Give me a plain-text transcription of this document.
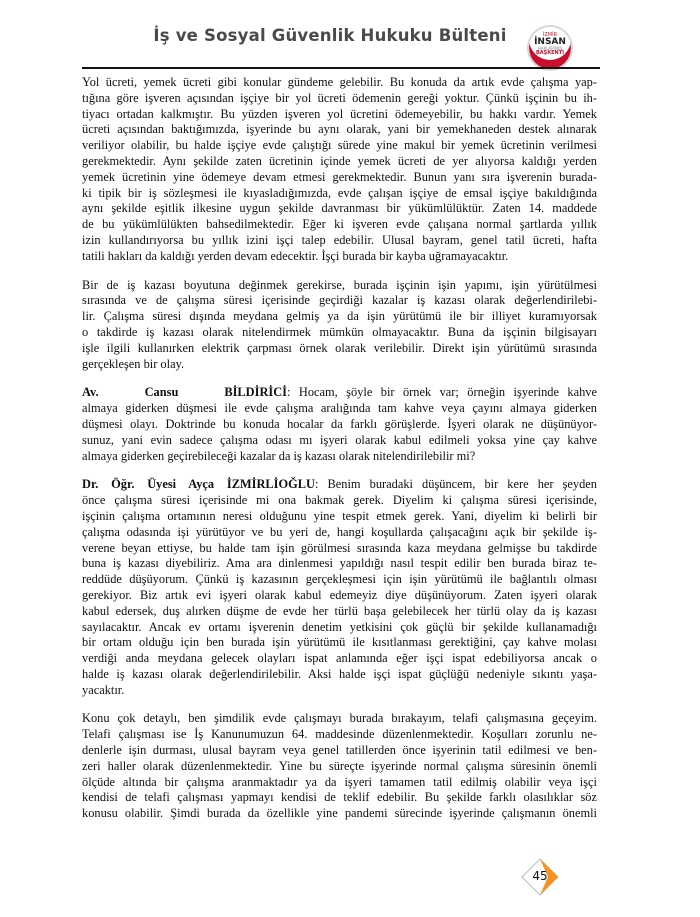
İş ve Sosyal Güvenlik Hukuku Bülteni	İZMİR
İNSAN
HAKLARININ
BAŞKENTİ
Yol ücreti, yemek ücreti gibi konular gündeme gelebilir. Bu konuda da artık evde çalışma yap-
tığına göre işveren açısından işçiye bir yol ücreti ödemenin gereği yoktur. Çünkü işçinin bu ih-
tiyacı ortadan kalkmıştır. Bu yüzden işveren yol ücretini ödemeyebilir, bu hakkı vardır. Yemek
ücreti açısından baktığımızda, işyerinde bu aynı olarak, yani bir yemekhaneden destek alınarak
veriliyor olabilir, bu halde işçiye evde çalıştığı sürede yine makul bir yemek ücretinin verilmesi
gerekmektedir. Aynı şekilde zaten ücretinin içinde yemek ücreti de yer alıyorsa kaldığı yerden
yemek ücretinin yine ödemeye devam etmesi gerekmektedir. Bunun yanı sıra işverenin burada-
ki tipik bir iş sözleşmesi ile kıyasladığımızda, evde çalışan işçiye de emsal işçiye bakıldığında
aynı şekilde eşitlik ilkesine uygun şekilde davranması bir yükümlülüktür. Zaten 14. maddede
de bu yükümlülükten bahsedilmektedir. Eğer ki işveren evde çalışana normal şartlarda yıllık
izin kullandırıyorsa bu yıllık izini işçi talep edebilir. Ulusal bayram, genel tatil ücreti, hafta
tatili hakları da kaldığı yerden devam edecektir. İşçi burada bir kayba uğramayacaktır.
Bir de iş kazası boyutuna değinmek gerekirse, burada işçinin işin yapımı, işin yürütülmesi
sırasında ve de çalışma süresi içerisinde geçirdiği kazalar iş kazası olarak değerlendirilebi-
lir. Çalışma süresi dışında meydana gelmiş ya da işin yürütümü ile bir illiyet kuramıyorsak
o takdirde iş kazası olarak nitelendirmek mümkün olmayacaktır. Buna da işçinin bilgisayarı
işle ilgili kullanırken elektrik çarpması örnek olarak verilebilir. Direkt işin yürütümü sırasında
gerçekleşen bir olay.
Av. Cansu BİLDİRİCİ : Hocam, şöyle bir örnek var; örneğin işyerinde kahve
almaya giderken düşmesi ile evde çalışma aralığında tam kahve veya çayını almaya giderken
düşmesi olayı. Doktrinde bu konuda hocalar da farklı görüşlerde. İşyeri olarak ne düşünüyor-
sunuz, yani evin sadece çalışma odası mı işyeri olarak kabul edilmeli yoksa yine çay kahve
almaya giderken geçirebileceği kazalar da iş kazası olarak nitelendirilebilir mi?
Dr. Öğr. Üyesi Ayça İZMİRLİOĞLU : Benim buradaki düşüncem, bir kere her şeyden
önce çalışma süresi içerisinde mi ona bakmak gerek. Diyelim ki çalışma süresi içerisinde,
işçinin çalışma ortamının neresi olduğunu yine tespit etmek gerek. Yani, diyelim ki belirli bir
çalışma odasında işi yürütüyor ve bu yeri de, hangi koşullarda çalışacağını açık bir şekilde iş-
verene beyan ettiyse, bu halde tam işin görülmesi sırasında kaza meydana gelmişse bu takdirde
buna iş kazası diyebiliriz. Ama ara dinlenmesi yapıldığı nasıl tespit edilir ben burada biraz te-
reddüde düşüyorum. Çünkü iş kazasının gerçekleşmesi için işin yürütümü ile bağlantılı olması
gerekiyor. Biz artık evi işyeri olarak kabul edemeyiz diye düşünüyorum. Zaten işyeri olarak
kabul edersek, duş alırken düşme de evde her türlü başa gelebilecek her türlü olay da iş kazası
sayılacaktır. Ancak ev ortamı işverenin denetim yetkisini çok güçlü bir şekilde kullanamadığı
bir ortam olduğu için ben burada işin yürütümü ile kısıtlanması gerektiğini, çay kahve molası
verdiği anda meydana gelecek olayları ispat anlamında eğer işçi ispat edebiliyorsa ancak o
halde iş kazası olarak değerlendirilebilir. Aksi halde işçi ispat güçlüğü nedeniyle sıkıntı yaşa-
yacaktır.
Konu çok detaylı, ben şimdilik evde çalışmayı burada bırakayım, telafi çalışmasına geçeyim.
Telafi çalışması ise İş Kanunumuzun 64. maddesinde düzenlenmektedir. Koşulları zorunlu ne-
denlerle işin durması, ulusal bayram veya genel tatillerden önce işyerinin tatil edilmesi ve ben-
zeri haller olarak düzenlenmektedir. Yine bu süreçte işyerinde normal çalışma süresinin önemli
ölçüde altında bir çalışma aranmaktadır ya da işyeri tamamen tatil edilmiş olabilir veya işçi
kendisi de telafi çalışması yapmayı kendisi de teklif edebilir. Bu şekilde farklı olasılıklar söz
konusu olabilir. Şimdi burada da özellikle yine pandemi sürecinde işyerinde çalışmanın önemli
45
